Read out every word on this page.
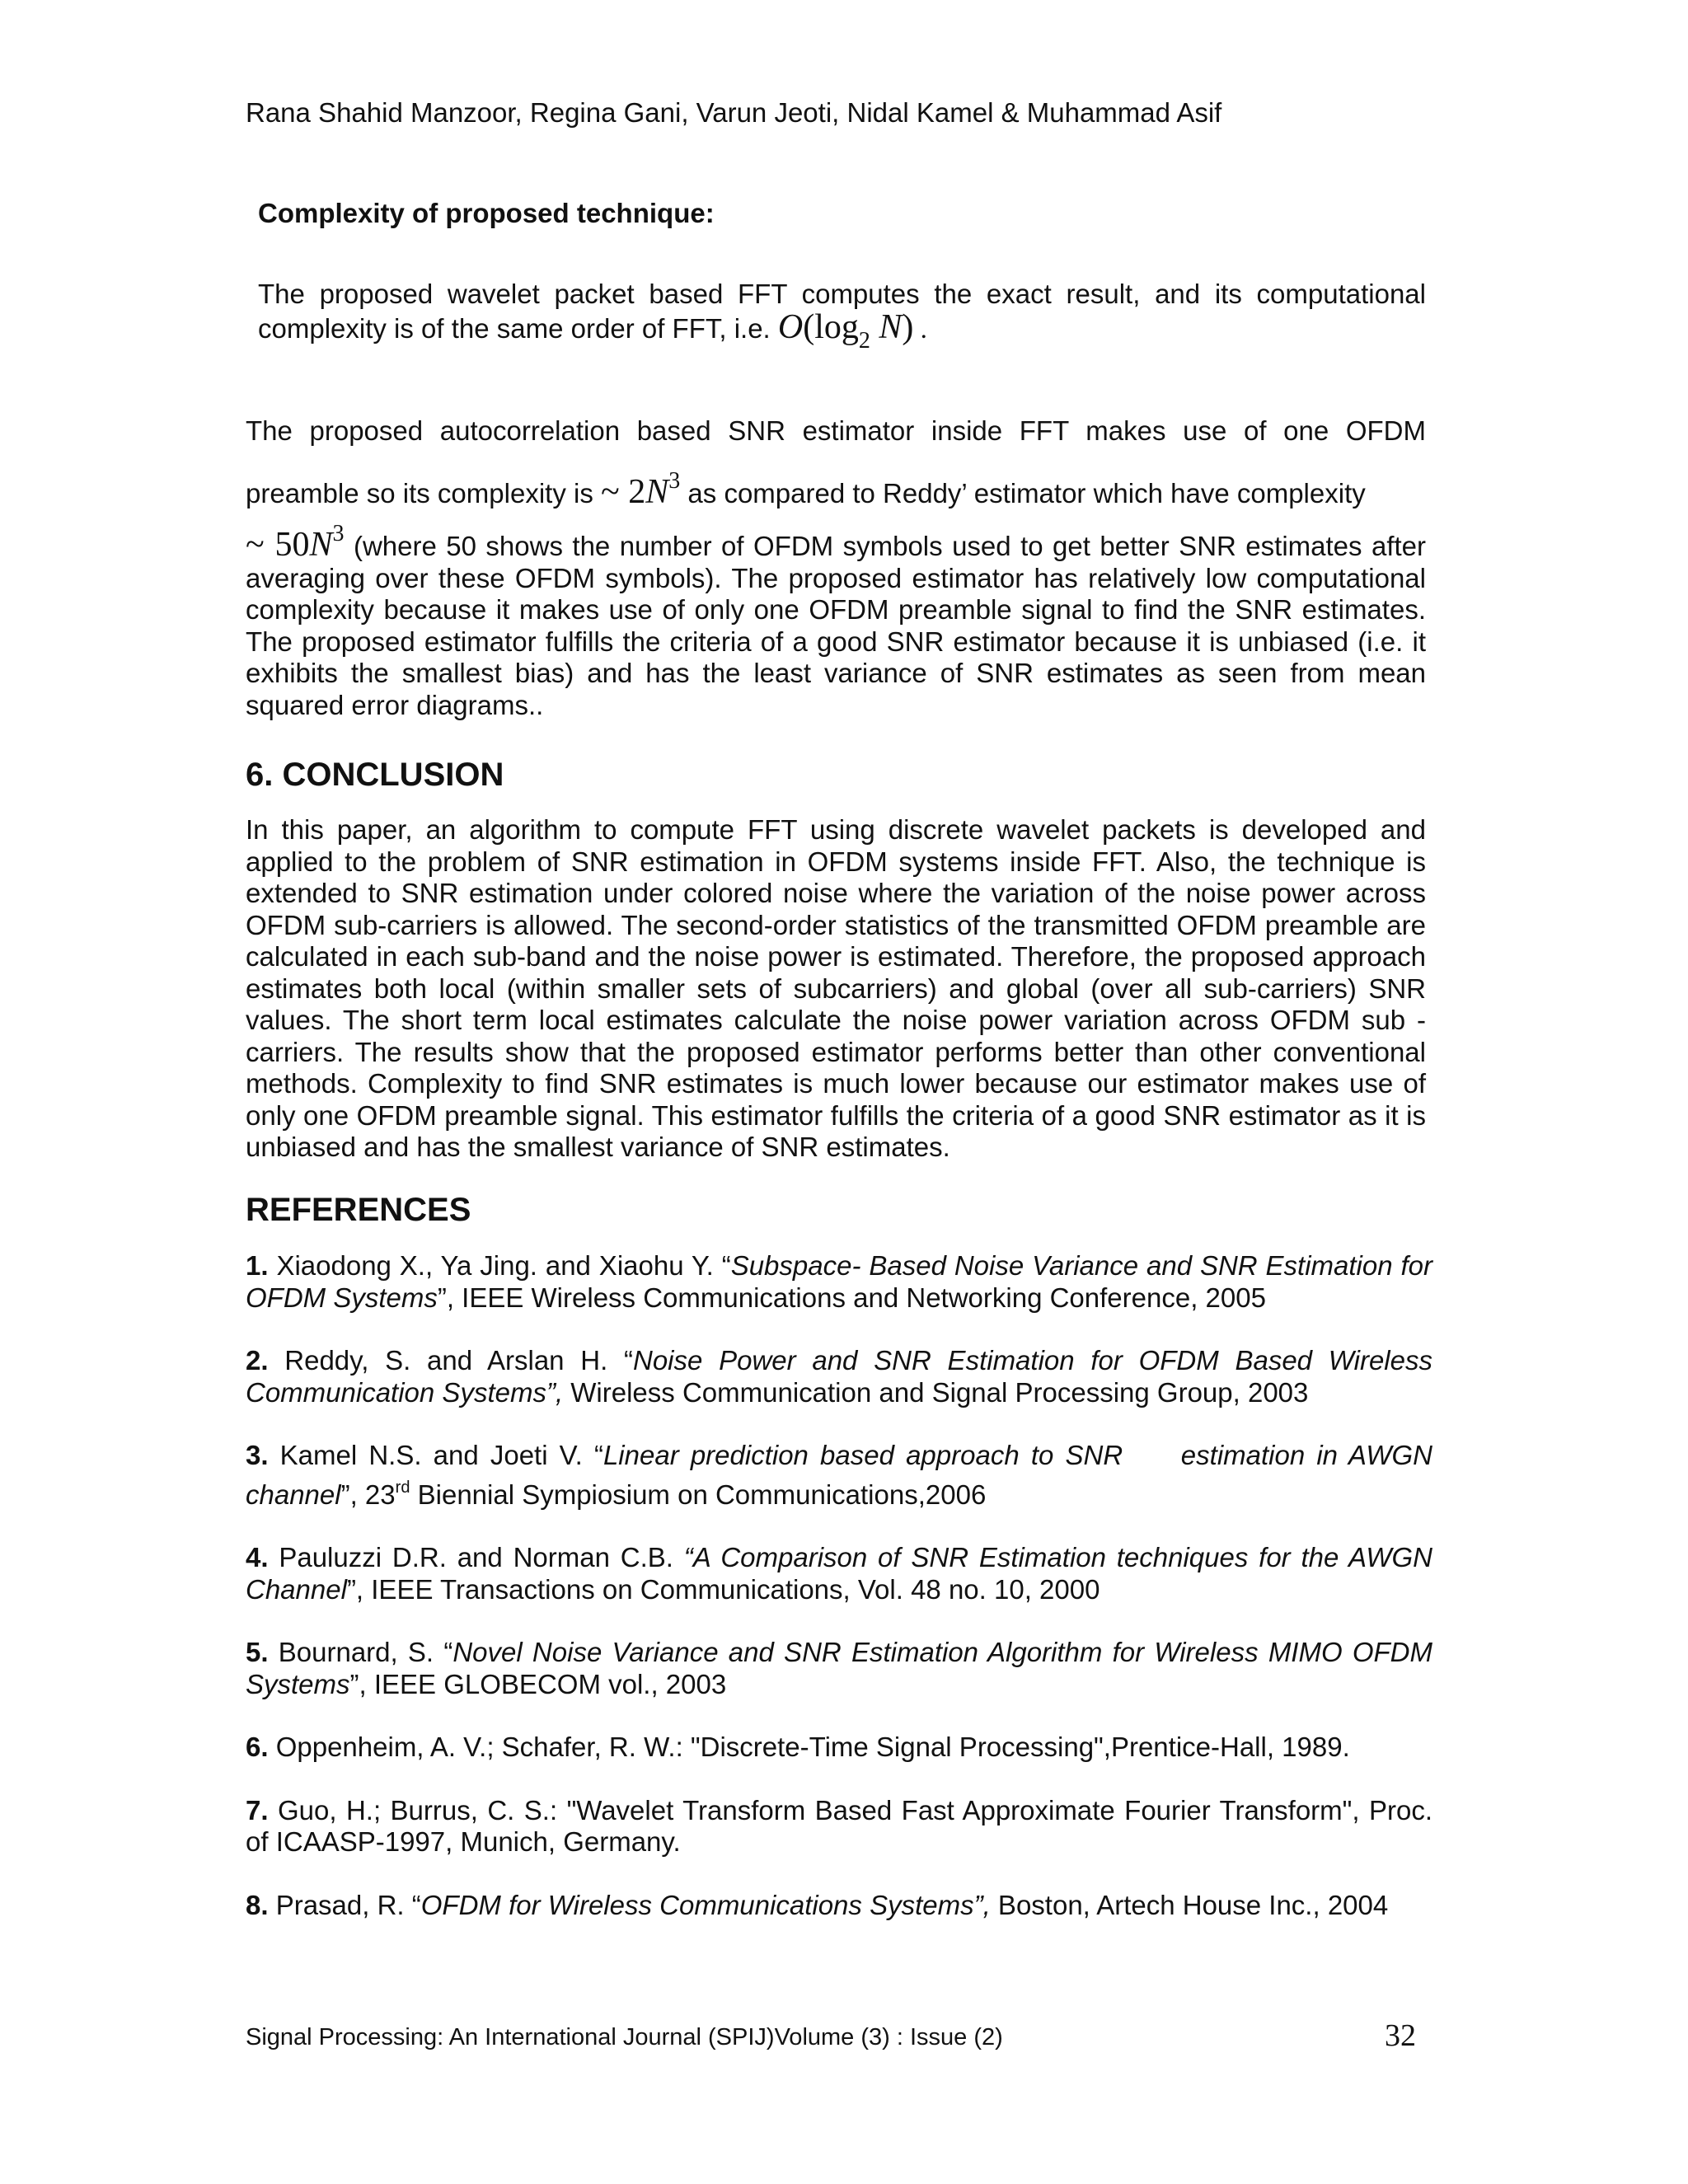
Rana Shahid Manzoor, Regina Gani, Varun Jeoti, Nidal Kamel & Muhammad Asif
Complexity of proposed technique:

The proposed wavelet packet based FFT computes the exact result, and its computational complexity is of the same order of FFT, i.e. $O(\log_2$ N) .

The proposed autocorrelation based SNR estimator inside FFT makes use of one OFDM preamble so its complexity is ~ $2N^3$ as compared to Reddy’ estimator which have complexity

~ $50N^3$ (where 50 shows the number of OFDM symbols used to get better SNR estimates after averaging over these OFDM symbols). The proposed estimator has relatively low computational complexity because it makes use of only one OFDM preamble signal to find the SNR estimates. The proposed estimator fulfills the criteria of a good SNR estimator because it is unbiased (i.e. it exhibits the smallest bias) and has the least variance of SNR estimates as seen from mean squared error diagrams..

6. CONCLUSION

In this paper, an algorithm to compute FFT using discrete wavelet packets is developed and applied to the problem of SNR estimation in OFDM systems inside FFT. Also, the technique is extended to SNR estimation under colored noise where the variation of the noise power across OFDM sub-carriers is allowed. The second-order statistics of the transmitted OFDM preamble are calculated in each sub-band and the noise power is estimated. Therefore, the proposed approach estimates both local (within smaller sets of subcarriers) and global (over all sub-carriers) SNR values. The short term local estimates calculate the noise power variation across OFDM sub - carriers. The results show that the proposed estimator performs better than other conventional methods. Complexity to find SNR estimates is much lower because our estimator makes use of only one OFDM preamble signal. This estimator fulfills the criteria of a good SNR estimator as it is unbiased and has the smallest variance of SNR estimates.

REFERENCES

1. Xiaodong X., Ya Jing. and Xiaohu Y. “Subspace- Based Noise Variance and SNR Estimation for OFDM Systems”, IEEE Wireless Communications and Networking Conference, 2005

2. Reddy, S. and Arslan H. “Noise Power and SNR Estimation for OFDM Based Wireless Communication Systems”, Wireless Communication and Signal Processing Group, 2003

3. Kamel N.S. and Joeti V. “Linear prediction based approach to SNR     estimation in AWGN channel”, 23rd Biennial Sympiosium on Communications,2006

4. Pauluzzi D.R. and Norman C.B. “A Comparison of SNR Estimation techniques for the AWGN Channel”, IEEE Transactions on Communications, Vol. 48 no. 10, 2000

5. Bournard, S. “Novel Noise Variance and SNR Estimation Algorithm for Wireless MIMO OFDM Systems”, IEEE GLOBECOM vol., 2003

6. Oppenheim, A. V.; Schafer, R. W.: "Discrete-Time Signal Processing",Prentice-Hall, 1989.

7. Guo, H.; Burrus, C. S.: "Wavelet Transform Based Fast Approximate Fourier Transform", Proc. of ICAASP-1997, Munich, Germany.

8. Prasad, R. “OFDM for Wireless Communications Systems”, Boston, Artech House Inc., 2004

Signal Processing: An International Journal (SPIJ)Volume (3) : Issue (2)	32
